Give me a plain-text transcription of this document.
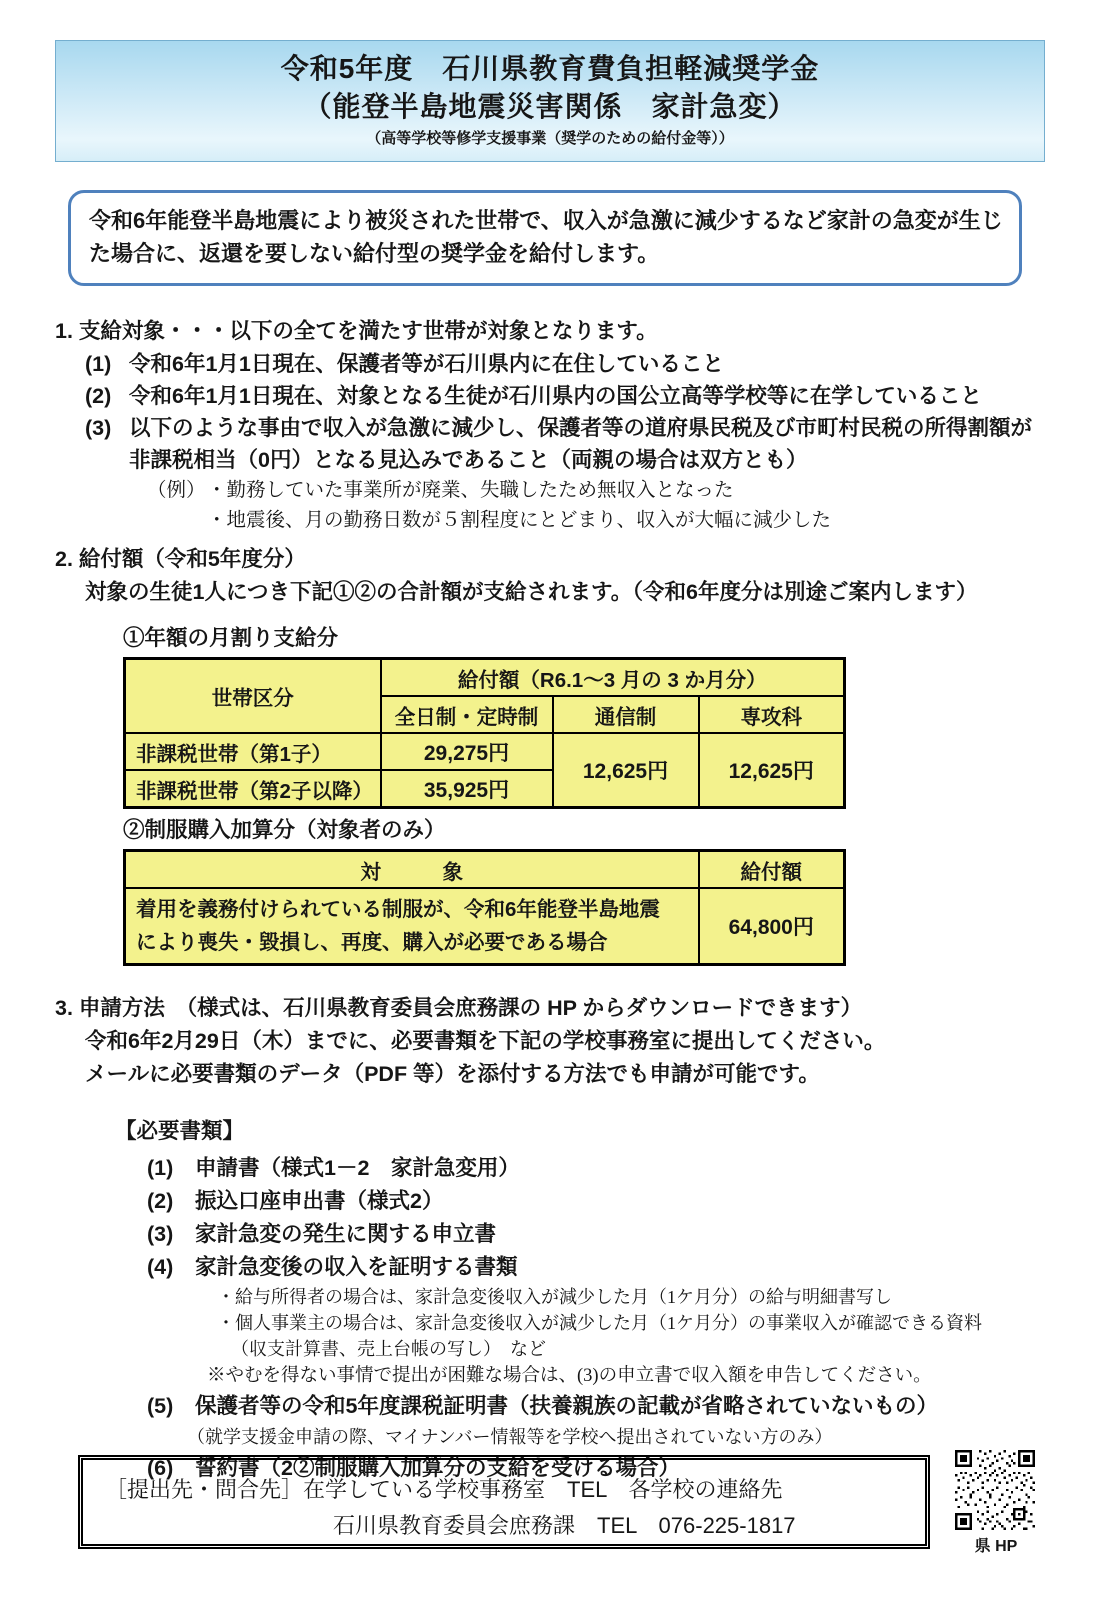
令和5年度　石川県教育費負担軽減奨学金
（能登半島地震災害関係　家計急変）
（高等学校等修学支援事業（奨学のための給付金等））
令和6年能登半島地震により被災された世帯で、収入が急激に減少するなど家計の急変が生じた場合に、返還を要しない給付型の奨学金を給付します。
1. 支給対象・・・以下の全てを満たす世帯が対象となります。
(1) 令和6年1月1日現在、保護者等が石川県内に在住していること
(2) 令和6年1月1日現在、対象となる生徒が石川県内の国公立高等学校等に在学していること
(3) 以下のような事由で収入が急激に減少し、保護者等の道府県民税及び市町村民税の所得割額が非課税相当（0円）となる見込みであること（両親の場合は双方とも）
（例） ・勤務していた事業所が廃業、失職したため無収入となった
・地震後、月の勤務日数が５割程度にとどまり、収入が大幅に減少した
2. 給付額（令和5年度分）
対象の生徒1人につき下記①②の合計額が支給されます。（令和6年度分は別途ご案内します）
①年額の月割り支給分
世帯区分	給付額（R6.1～3 月の 3 か月分）		
	全日制・定時制	通信制	専攻科
非課税世帯（第1子）	29,275円	12,625円	12,625円
非課税世帯（第2子以降）	35,925円		
②制服購入加算分（対象者のみ）
対　　　象	給付額

着用を義務付けられている制服が、令和6年能登半島地震
により喪失・毀損し、再度、購入が必要である場合	64,800円
3. 申請方法　（様式は、石川県教育委員会庶務課の HP からダウンロードできます）
令和6年2月29日（木）までに、必要書類を下記の学校事務室に提出してください。
メールに必要書類のデータ（PDF 等）を添付する方法でも申請が可能です。
【必要書類】
(1)	申請書（様式1－2　家計急変用）
(2)	振込口座申出書（様式2）
(3)	家計急変の発生に関する申立書
(4)	家計急変後の収入を証明する書類
・給与所得者の場合は、家計急変後収入が減少した月（1ケ月分）の給与明細書写し
・個人事業主の場合は、家計急変後収入が減少した月（1ケ月分）の事業収入が確認できる資料
（収支計算書、売上台帳の写し）　など
※やむを得ない事情で提出が困難な場合は、(3)の申立書で収入額を申告してください。
(5)	保護者等の令和5年度課税証明書（扶養親族の記載が省略されていないもの）
（就学支援金申請の際、マイナンバー情報等を学校へ提出されていない方のみ）
(6)	誓約書（2②制服購入加算分の支給を受ける場合）
［提出先・問合先］在学している学校事務室　TEL　各学校の連絡先
石川県教育委員会庶務課　TEL　076-225-1817
県 HP
